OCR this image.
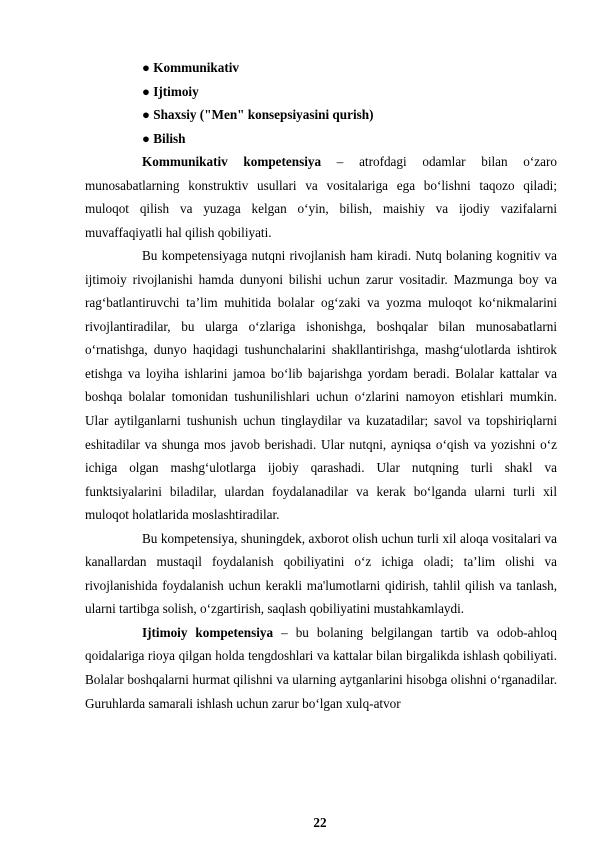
● Kommunikativ
● Ijtimoiy
● Shaxsiy ("Men" konsepsiyasini qurish)
● Bilish

Kommunikativ kompetensiya – atrofdagi odamlar bilan o‘zaro munosabatlarning konstruktiv usullari va vositalariga ega bo‘lishni taqozo qiladi; muloqot qilish va yuzaga kelgan o‘yin, bilish, maishiy va ijodiy vazifalarni muvaffaqiyatli hal qilish qobiliyati.

Bu kompetensiyaga nutqni rivojlanish ham kiradi. Nutq bolaning kognitiv va ijtimoiy rivojlanishi hamda dunyoni bilishi uchun zarur vositadir. Mazmunga boy va rag‘batlantiruvchi ta’lim muhitida bolalar og‘zaki va yozma muloqot ko‘nikmalarini rivojlantiradilar, bu ularga o‘zlariga ishonishga, boshqalar bilan munosabatlarni o‘rnatishga, dunyo haqidagi tushunchalarini shakllantirishga, mashg‘ulotlarda ishtirok etishga va loyiha ishlarini jamoa bo‘lib bajarishga yordam beradi. Bolalar kattalar va boshqa bolalar tomonidan tushunilishlari uchun o‘zlarini namoyon etishlari mumkin. Ular aytilganlarni tushunish uchun tinglaydilar va kuzatadilar; savol va topshiriqlarni eshitadilar va shunga mos javob berishadi. Ular nutqni, ayniqsa o‘qish va yozishni o‘z ichiga olgan mashg‘ulotlarga ijobiy qarashadi. Ular nutqning turli shakl va funktsiyalarini biladilar, ulardan foydalanadilar va kerak bo‘lganda ularni turli xil muloqot holatlarida moslashtiradilar.

Bu kompetensiya, shuningdek, axborot olish uchun turli xil aloqa vositalari va kanallardan mustaqil foydalanish qobiliyatini o‘z ichiga oladi; ta’lim olishi va rivojlanishida foydalanish uchun kerakli ma'lumotlarni qidirish, tahlil qilish va tanlash, ularni tartibga solish, o‘zgartirish, saqlash qobiliyatini mustahkamlaydi.

Ijtimoiy kompetensiya – bu bolaning belgilangan tartib va odob-ahloq qoidalariga rioya qilgan holda tengdoshlari va kattalar bilan birgalikda ishlash qobiliyati. Bolalar boshqalarni hurmat qilishni va ularning aytganlarini hisobga olishni o‘rganadilar. Guruhlarda samarali ishlash uchun zarur bo‘lgan xulq-atvor

22
